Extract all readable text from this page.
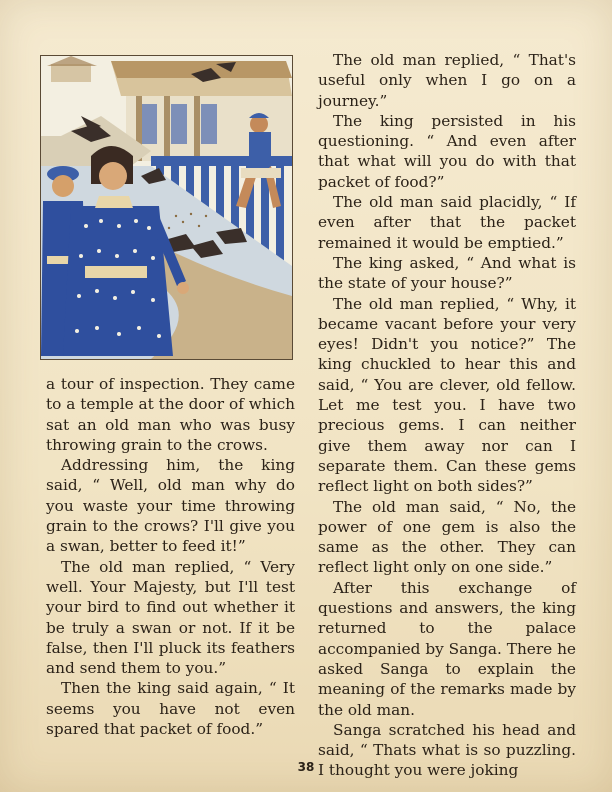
a tour of inspection. They came to a temple at the door of which sat an old man who was busy throwing grain to the crows.

Addressing him, the king said, “ Well, old man why do you waste your time throwing grain to the crows? I'll give you a swan, better to feed it!”

The old man replied, “ Very well. Your Majesty, but I'll test your bird to find out whether it be truly a swan or not. If it be false, then I'll pluck its feathers and send them to you.”

Then the king said again, “ It seems you have not even spared that packet of food.”

The old man replied, “ That's useful only when I go on a journey.”

The king persisted in his questioning. “ And even after that what will you do with that packet of food?”

The old man said placidly, “ If even after that the packet remained it would be emptied.”

The king asked, “ And what is the state of your house?”

The old man replied, “ Why, it became vacant before your very eyes! Didn't you notice?” The king chuckled to hear this and said, “ You are clever, old fellow. Let me test you. I have two precious gems. I can neither give them away nor can I separate them. Can these gems reflect light on both sides?”

The old man said, “ No, the power of one gem is also the same as the other. They can reflect light only on one side.”

After this exchange of questions and answers, the king returned to the palace accompanied by Sanga. There he asked Sanga to explain the meaning of the remarks made by the old man.

Sanga scratched his head and said, “ Thats what is so puzzling. I thought you were joking

38
